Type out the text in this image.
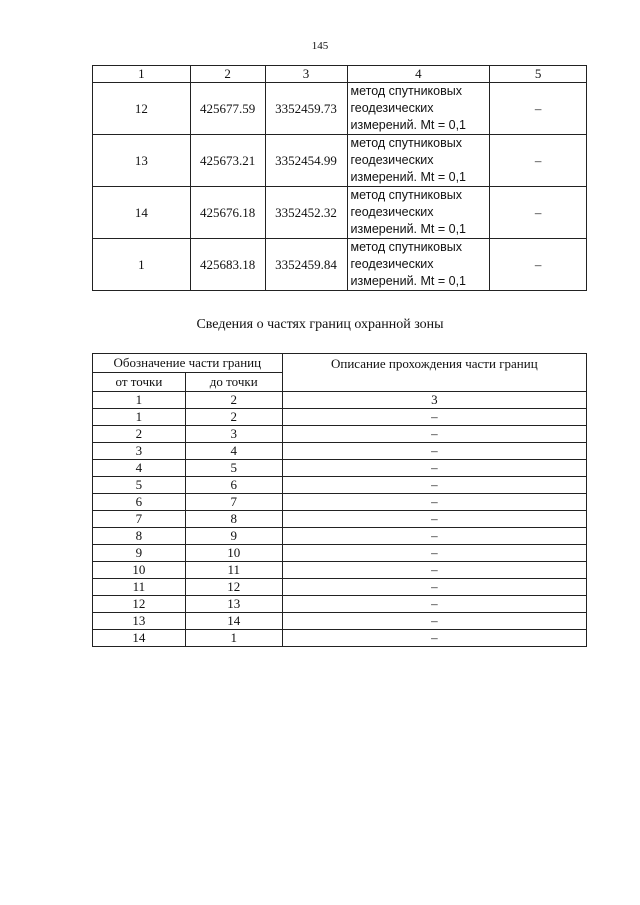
145
1	2	3	4	5
12	425677.59	3352459.73	метод спутниковых
геодезических
измерений. Mt = 0,1	–
13	425673.21	3352454.99	метод спутниковых
геодезических
измерений. Mt = 0,1	–
14	425676.18	3352452.32	метод спутниковых
геодезических
измерений. Mt = 0,1	–
1	425683.18	3352459.84	метод спутниковых
геодезических
измерений. Mt = 0,1	–
Сведения о частях границ охранной зоны
Обозначение части границ		Описание прохождения части границ
от точки	до точки	
1	2	3
1	2	–
2	3	–
3	4	–
4	5	–
5	6	–
6	7	–
7	8	–
8	9	–
9	10	–
10	11	–
11	12	–
12	13	–
13	14	–
14	1	–
